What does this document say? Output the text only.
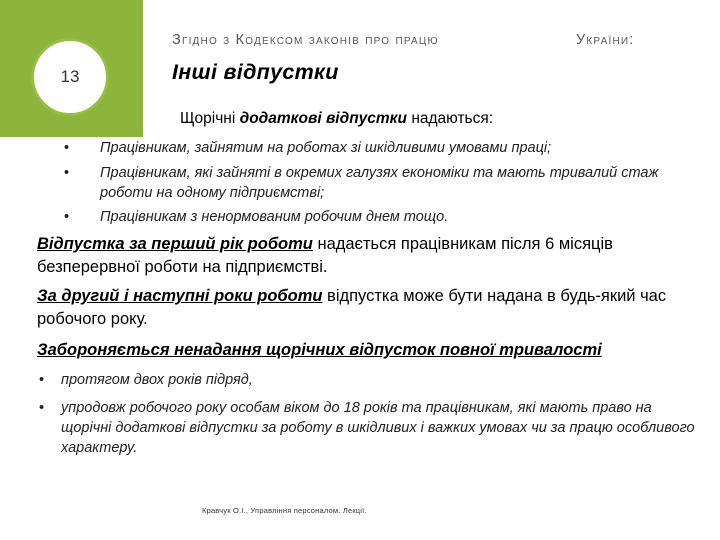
13
Згідно з Кодексом законів про працю	України:
Інші відпустки
Щорічні додаткові відпустки надаються:
• Працівникам, зайнятим на роботах зі шкідливими умовами праці;
• Працівникам, які зайняті в окремих галузях економіки та мають тривалий стаж роботи на одному підприємстві;
• Працівникам з ненормованим робочим днем тощо.

Відпустка за перший рік роботи надається працівникам після 6 місяців безперервної роботи на підприємстві.

За другий і наступні роки роботи відпустка може бути надана в будь-який час робочого року.

Забороняється ненадання щорічних відпусток повної тривалості

• протягом двох років підряд,
• упродовж робочого року особам віком до 18 років та працівникам, які мають право на щорічні додаткові відпустки за роботу в шкідливих і важких умовах чи за працю особливого характеру.
Кравчук О.І., Управління персоналом. Лекції.
